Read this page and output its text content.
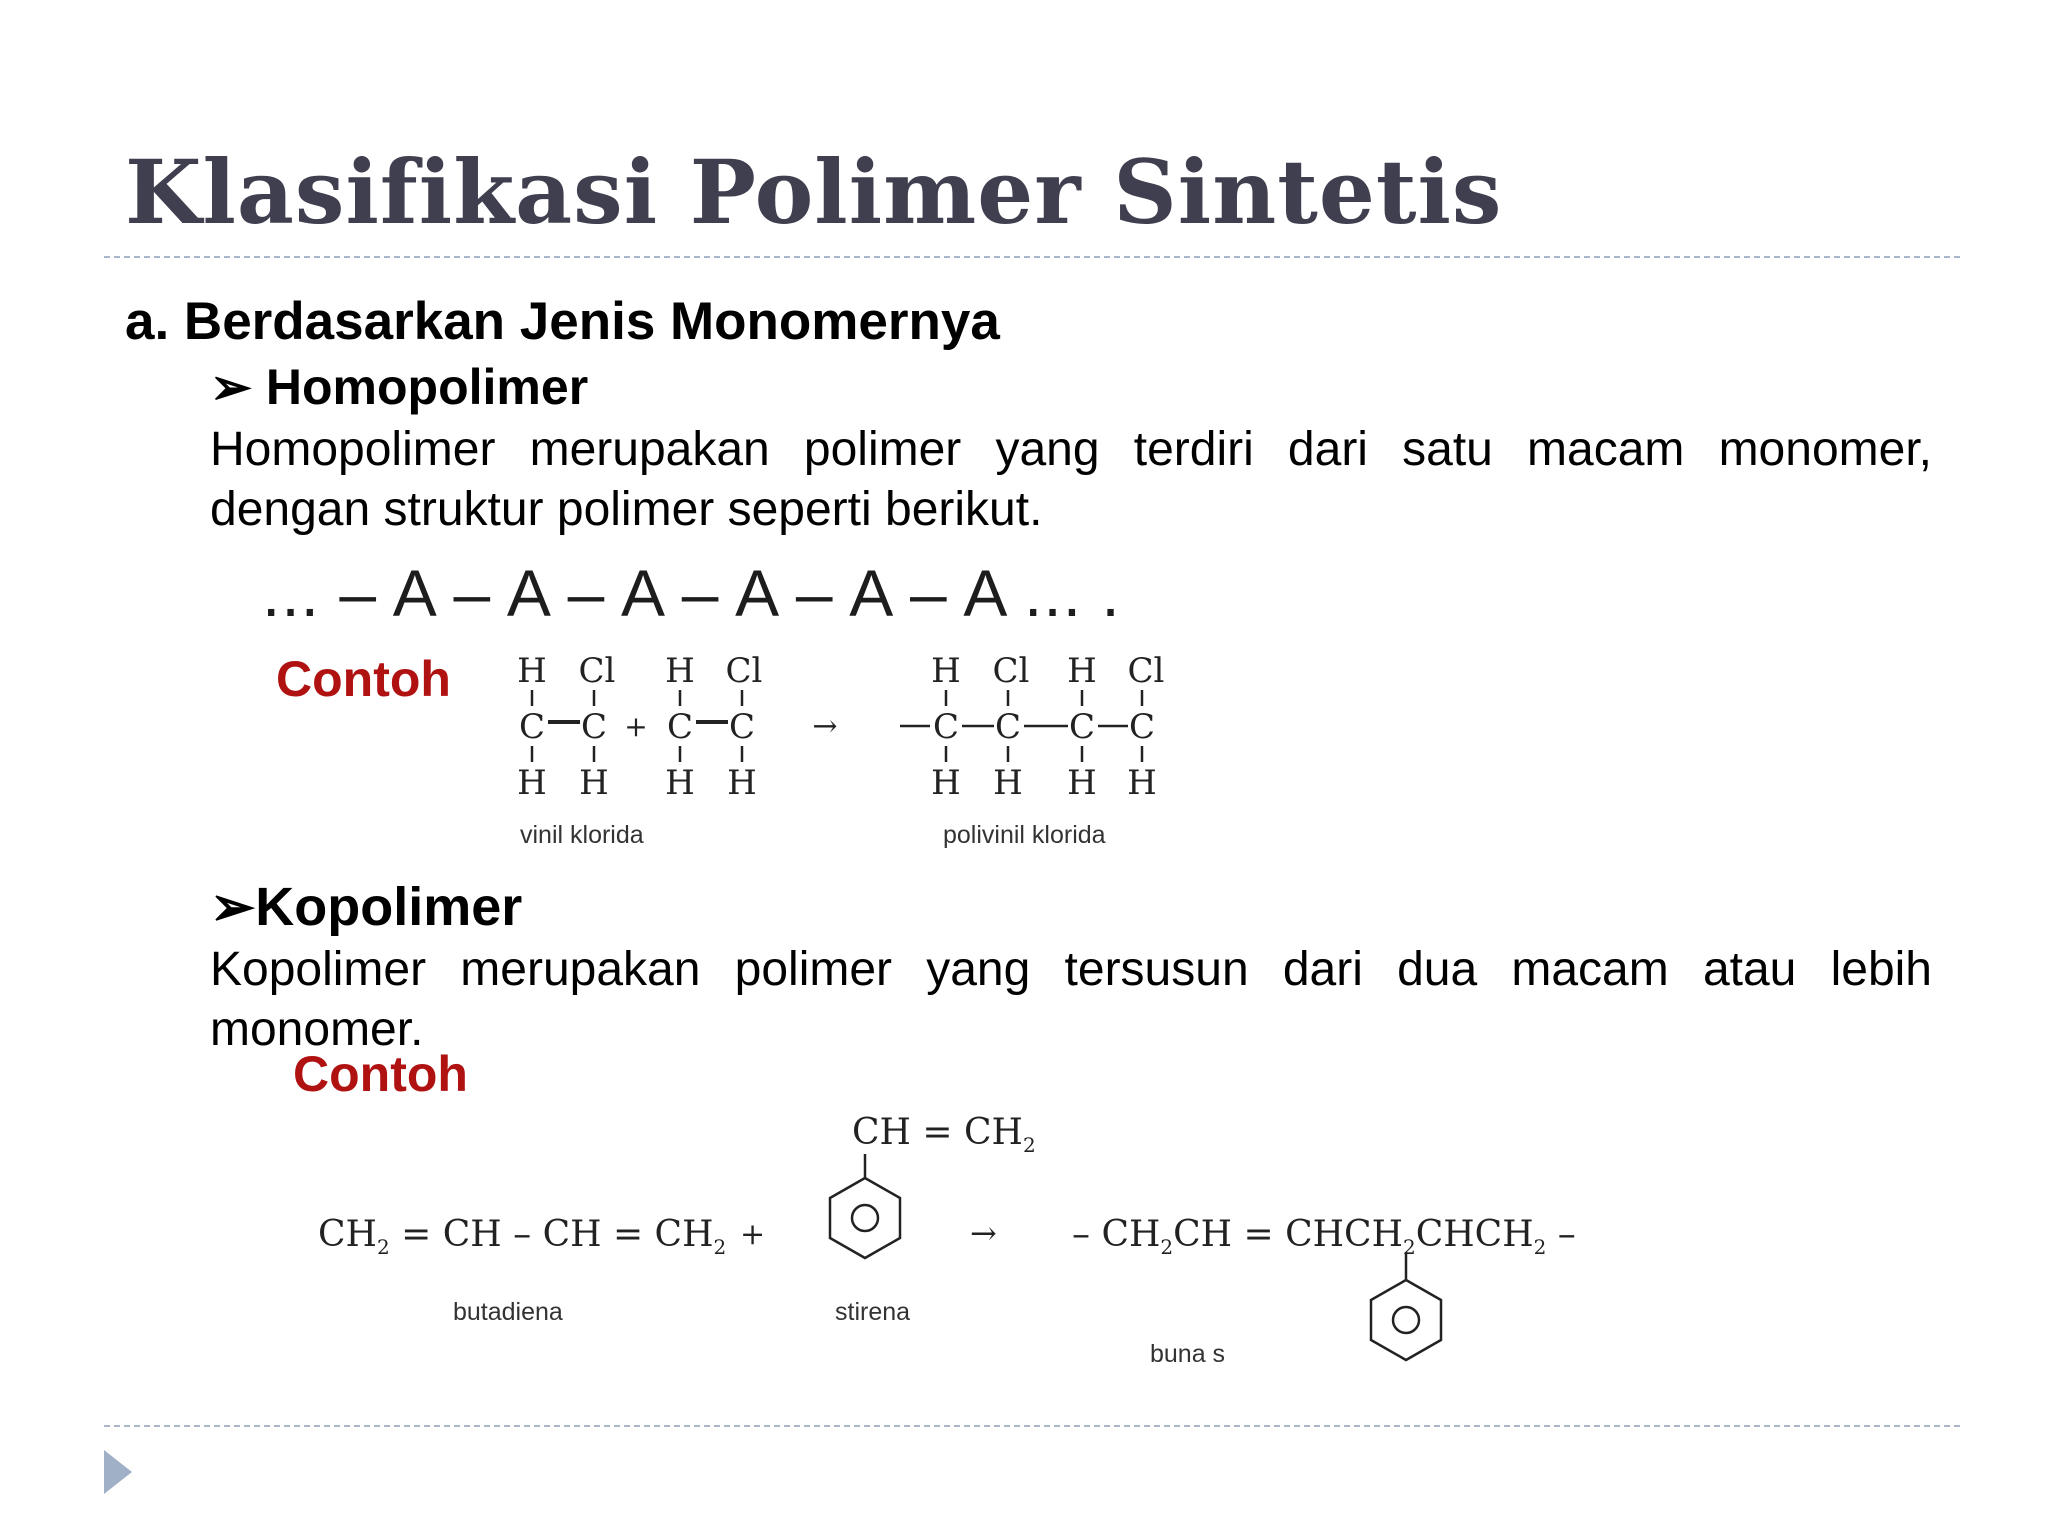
Klasifikasi Polimer Sintetis
a. Berdasarkan Jenis Monomernya
➢ Homopolimer
Homopolimer merupakan polimer yang terdiri dari satu macam monomer, dengan struktur polimer seperti berikut.
... – A – A – A – A – A – A ... .
Contoh H Cl
C C
H H
H Cl
C C
H H
+	→
H Cl H Cl
C C C C
H H H H
vinil klorida	polivinil klorida
➢Kopolimer
Kopolimer merupakan polimer yang tersusun dari dua macam atau lebih monomer.
Contoh
$CH_2$ = CH – CH = $CH_2$ +
CH = $CH_2$
→ – $CH_2CH$ = $CHCH_2CHCH_2$ –
butadiena	stirena
buna s
